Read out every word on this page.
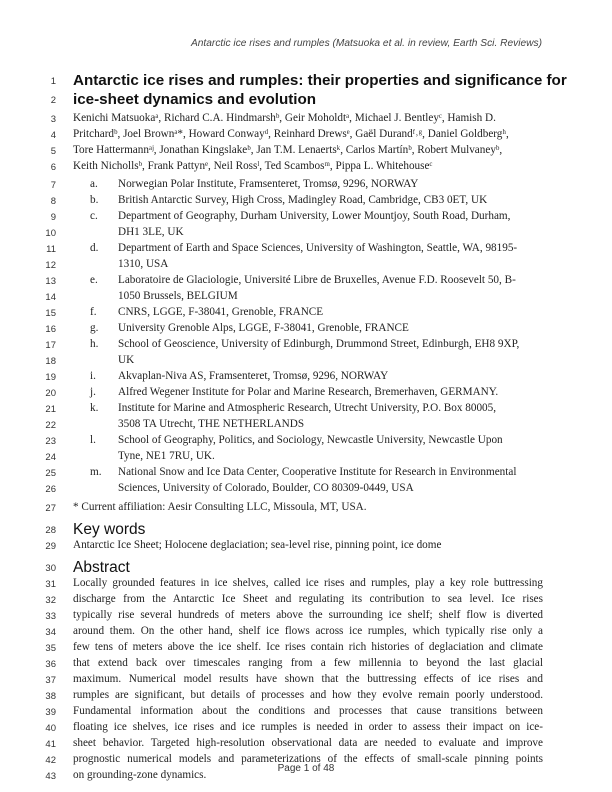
Antarctic ice rises and rumples (Matsuoka et al. in review, Earth Sci. Reviews)
1
2
3
4
5
6
7
8
9
10
11
12
13
14
15
16
17
18
19
20
21
22
23
24
25
26
27
28
29
30
31
32
33
34
35
36
37
38
39
40
41
42
43
Antarctic ice rises and rumples: their properties and significance for
ice-sheet dynamics and evolution
Kenichi Matsuokaᵃ, Richard C.A. Hindmarshᵇ, Geir Moholdtᵃ, Michael J. Bentleyᶜ, Hamish D.
Pritchardᵇ, Joel Brownᵃ*, Howard Conwayᵈ, Reinhard Drewsᵉ, Gaël Durandᶠ˒ᵍ, Daniel Goldbergʰ,
Tore Hattermannᵃʲ, Jonathan Kingslakeᵇ, Jan T.M. Lenaertsᵏ, Carlos Martínᵇ, Robert Mulvaneyᵇ,
Keith Nichollsᵇ, Frank Pattynᵉ, Neil Rossˡ, Ted Scambosᵐ, Pippa L. Whitehouseᶜ
a. Norwegian Polar Institute, Framsenteret, Tromsø, 9296, NORWAY
b. British Antarctic Survey, High Cross, Madingley Road, Cambridge, CB3 0ET, UK
c. Department of Geography, Durham University, Lower Mountjoy, South Road, Durham,
DH1 3LE, UK
d. Department of Earth and Space Sciences, University of Washington, Seattle, WA, 98195-
1310, USA
e. Laboratoire de Glaciologie, Université Libre de Bruxelles, Avenue F.D. Roosevelt 50, B-
1050 Brussels, BELGIUM
f. CNRS, LGGE, F-38041, Grenoble, FRANCE
g. University Grenoble Alps, LGGE, F-38041, Grenoble, FRANCE
h. School of Geoscience, University of Edinburgh, Drummond Street, Edinburgh, EH8 9XP,
UK
i. Akvaplan-Niva AS, Framsenteret, Tromsø, 9296, NORWAY
j. Alfred Wegener Institute for Polar and Marine Research, Bremerhaven, GERMANY.
k. Institute for Marine and Atmospheric Research, Utrecht University, P.O. Box 80005,
3508 TA Utrecht, THE NETHERLANDS
l. School of Geography, Politics, and Sociology, Newcastle University, Newcastle Upon
Tyne, NE1 7RU, UK.
m. National Snow and Ice Data Center, Cooperative Institute for Research in Environmental
Sciences, University of Colorado, Boulder, CO 80309-0449, USA
* Current affiliation: Aesir Consulting LLC, Missoula, MT, USA.
Key words
Antarctic Ice Sheet; Holocene deglaciation; sea-level rise, pinning point, ice dome
Abstract
Locally grounded features in ice shelves, called ice rises and rumples, play a key role buttressing
discharge from the Antarctic Ice Sheet and regulating its contribution to sea level. Ice rises
typically rise several hundreds of meters above the surrounding ice shelf; shelf flow is diverted
around them. On the other hand, shelf ice flows across ice rumples, which typically rise only a
few tens of meters above the ice shelf. Ice rises contain rich histories of deglaciation and climate
that extend back over timescales ranging from a few millennia to beyond the last glacial
maximum. Numerical model results have shown that the buttressing effects of ice rises and
rumples are significant, but details of processes and how they evolve remain poorly understood.
Fundamental information about the conditions and processes that cause transitions between
floating ice shelves, ice rises and ice rumples is needed in order to assess their impact on ice-
sheet behavior. Targeted high-resolution observational data are needed to evaluate and improve
prognostic numerical models and parameterizations of the effects of small-scale pinning points
on grounding-zone dynamics.
Page 1 of 48
